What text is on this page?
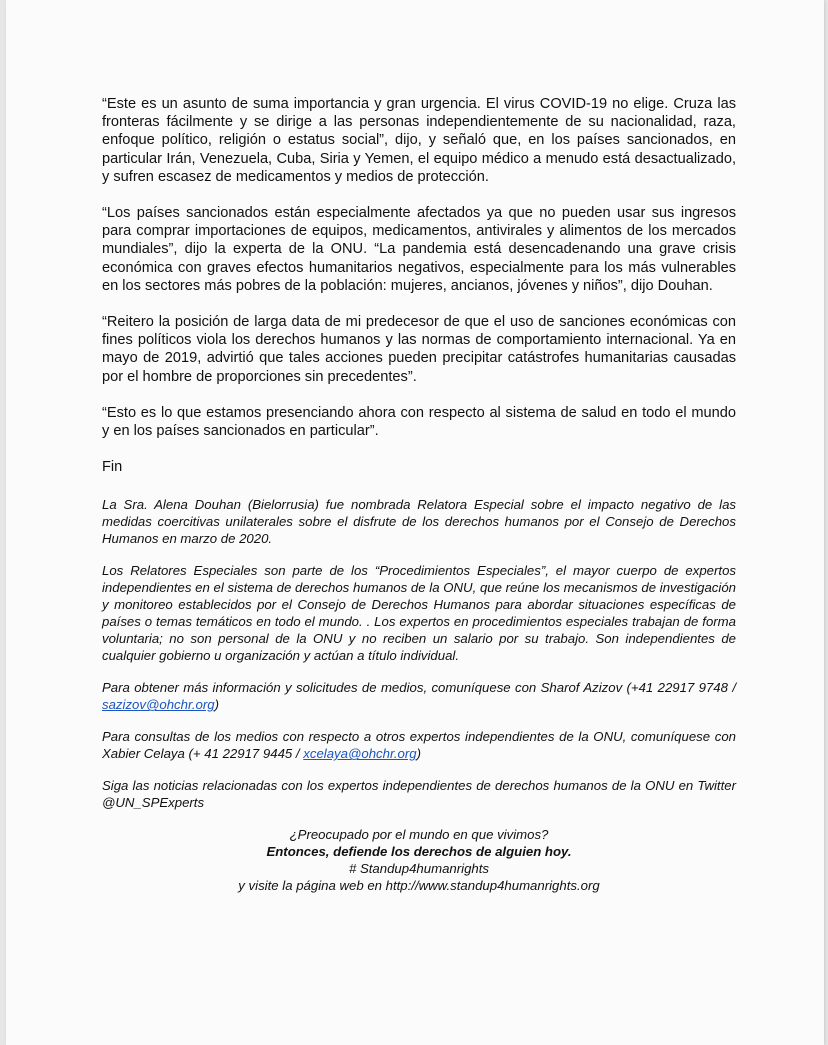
“Este es un asunto de suma importancia y gran urgencia. El virus COVID-19 no elige. Cruza las fronteras fácilmente y se dirige a las personas independientemente de su nacionalidad, raza, enfoque político, religión o estatus social”, dijo, y señaló que, en los países sancionados, en particular Irán, Venezuela, Cuba, Siria y Yemen, el equipo médico a menudo está desactualizado, y sufren escasez de medicamentos y medios de protección.

“Los países sancionados están especialmente afectados ya que no pueden usar sus ingresos para comprar importaciones de equipos, medicamentos, antivirales y alimentos de los mercados mundiales”, dijo la experta de la ONU. “La pandemia está desencadenando una grave crisis económica con graves efectos humanitarios negativos, especialmente para los más vulnerables en los sectores más pobres de la población: mujeres, ancianos, jóvenes y niños”, dijo Douhan.

“Reitero la posición de larga data de mi predecesor de que el uso de sanciones económicas con fines políticos viola los derechos humanos y las normas de comportamiento internacional. Ya en mayo de 2019, advirtió que tales acciones pueden precipitar catástrofes humanitarias causadas por el hombre de proporciones sin precedentes”.

“Esto es lo que estamos presenciando ahora con respecto al sistema de salud en todo el mundo y en los países sancionados en particular”.

Fin

La Sra. Alena Douhan (Bielorrusia) fue nombrada Relatora Especial sobre el impacto negativo de las medidas coercitivas unilaterales sobre el disfrute de los derechos humanos por el Consejo de Derechos Humanos en marzo de 2020.

Los Relatores Especiales son parte de los “Procedimientos Especiales”, el mayor cuerpo de expertos independientes en el sistema de derechos humanos de la ONU, que reúne los mecanismos de investigación y monitoreo establecidos por el Consejo de Derechos Humanos para abordar situaciones específicas de países o temas temáticos en todo el mundo. . Los expertos en procedimientos especiales trabajan de forma voluntaria; no son personal de la ONU y no reciben un salario por su trabajo. Son independientes de cualquier gobierno u organización y actúan a título individual.

Para obtener más información y solicitudes de medios, comuníquese con Sharof Azizov (+41 22917 9748 / sazizov@ohchr.org)

Para consultas de los medios con respecto a otros expertos independientes de la ONU, comuníquese con Xabier Celaya (+ 41 22917 9445 / xcelaya@ohchr.org)

Siga las noticias relacionadas con los expertos independientes de derechos humanos de la ONU en Twitter @UN_SPExperts

¿Preocupado por el mundo en que vivimos?
Entonces, defiende los derechos de alguien hoy.
# Standup4humanrights
y visite la página web en http://www.standup4humanrights.org
